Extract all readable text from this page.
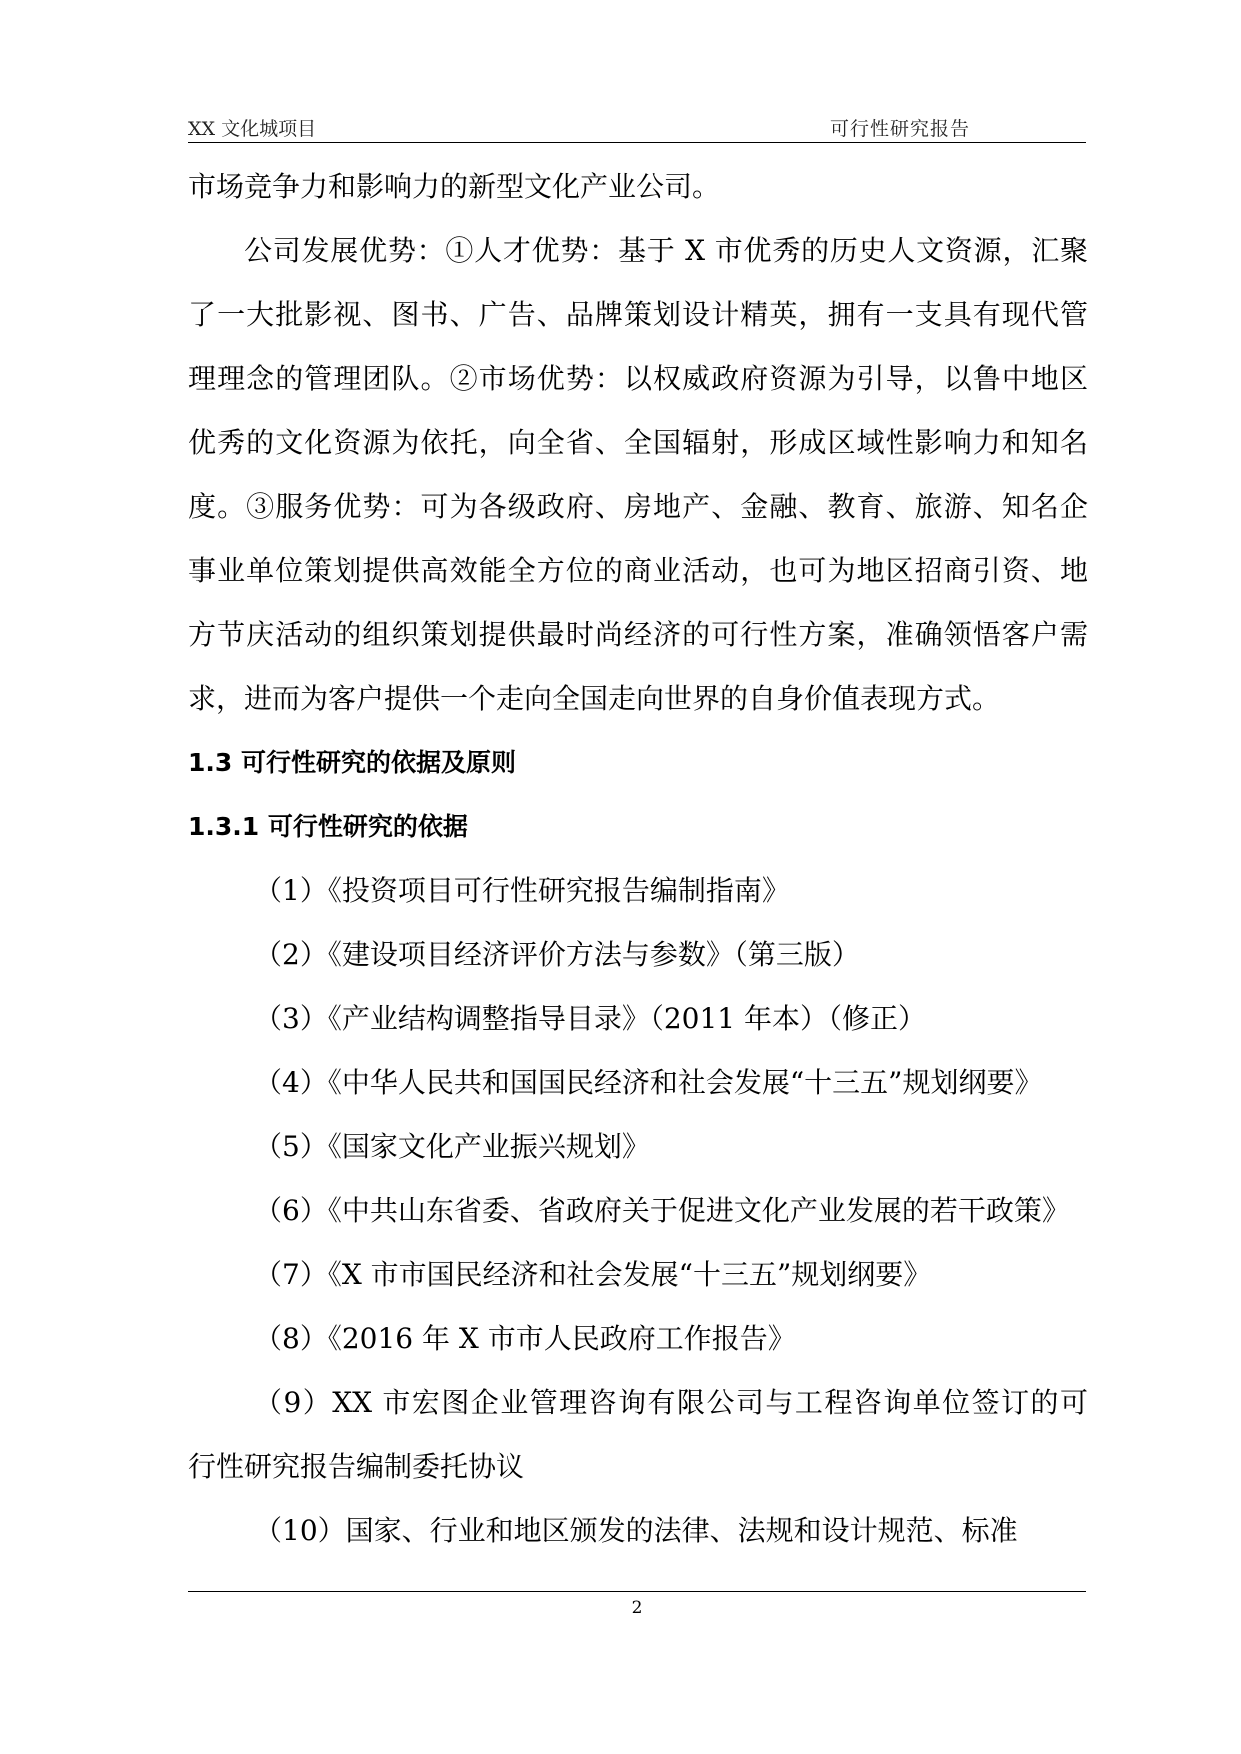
XX 文化城项目	可行性研究报告
市场竞争力和影响力的新型文化产业公司。
公司发展优势：①人才优势：基于 X 市优秀的历史人文资源，汇聚
了一大批影视、图书、广告、品牌策划设计精英，拥有一支具有现代管
理理念的管理团队。②市场优势：以权威政府资源为引导，以鲁中地区
优秀的文化资源为依托，向全省、全国辐射，形成区域性影响力和知名
度。③服务优势：可为各级政府、房地产、金融、教育、旅游、知名企
事业单位策划提供高效能全方位的商业活动，也可为地区招商引资、地
方节庆活动的组织策划提供最时尚经济的可行性方案，准确领悟客户需
求，进而为客户提供一个走向全国走向世界的自身价值表现方式。
1.3 可行性研究的依据及原则
1.3.1 可行性研究的依据
（1）《投资项目可行性研究报告编制指南》
（2）《建设项目经济评价方法与参数》（第三版）
（3）《产业结构调整指导目录》（2011 年本）（修正）
（4）《中华人民共和国国民经济和社会发展“十三五”规划纲要》
（5）《国家文化产业振兴规划》
（6）《中共山东省委、省政府关于促进文化产业发展的若干政策》
（7）《X 市市国民经济和社会发展“十三五”规划纲要》
（8）《2016 年 X 市市人民政府工作报告》
（9）XX 市宏图企业管理咨询有限公司与工程咨询单位签订的可
行性研究报告编制委托协议
（10）国家、行业和地区颁发的法律、法规和设计规范、标准
2
